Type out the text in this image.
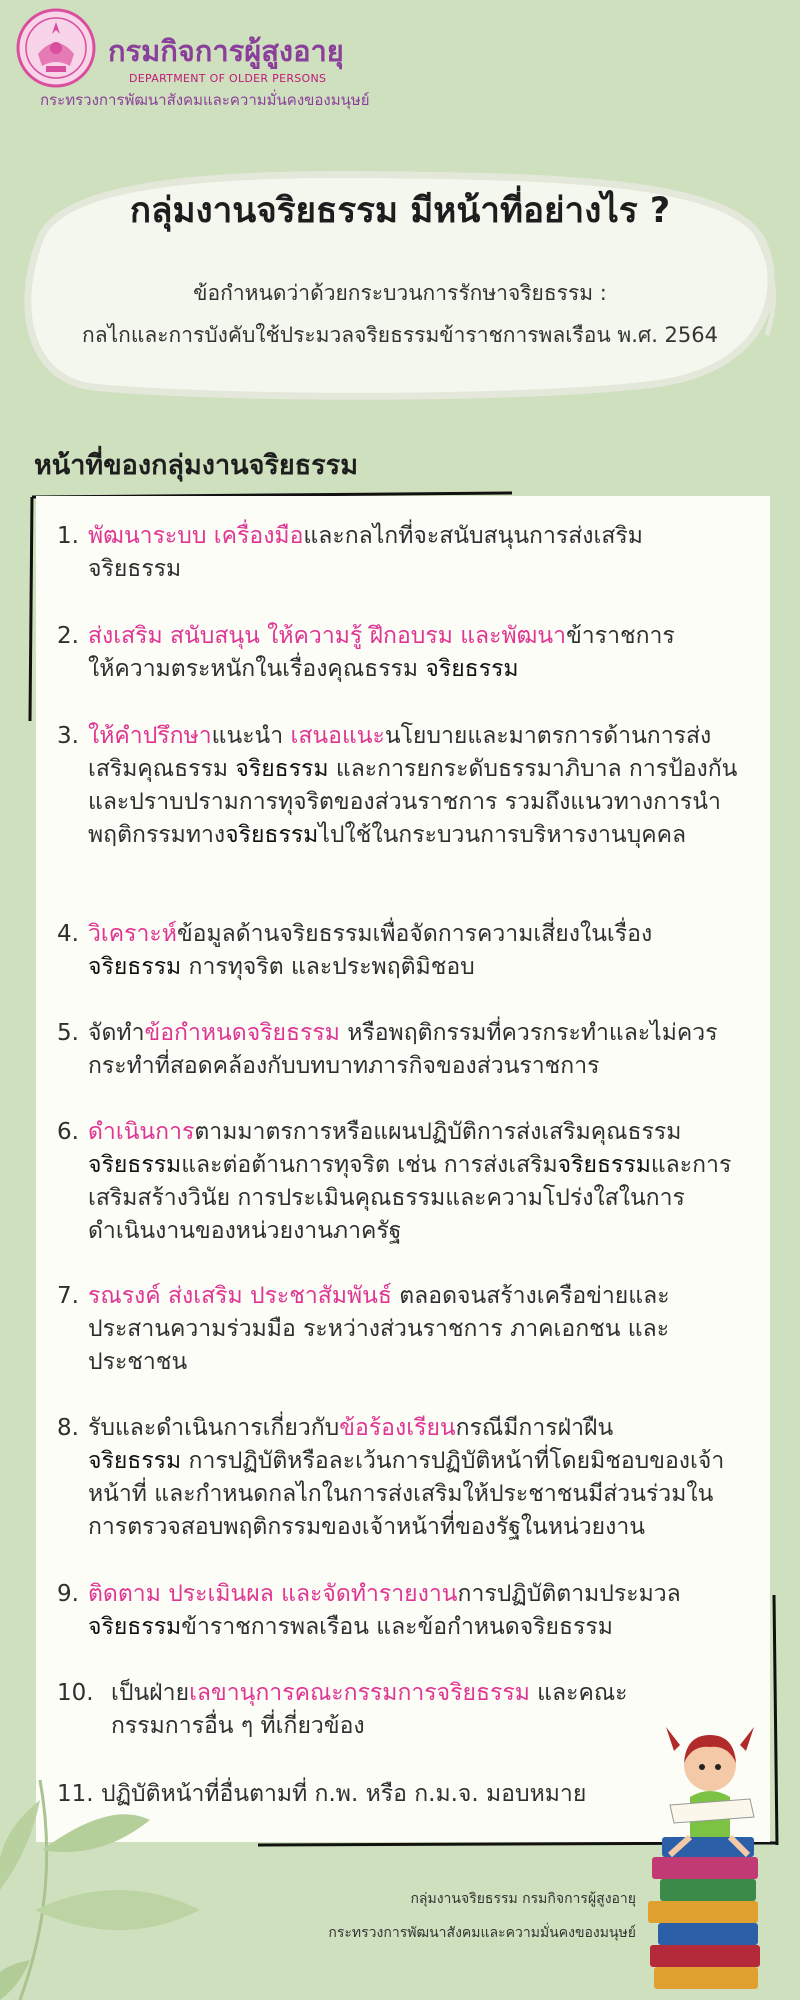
กรมกิจการผู้สูงอายุ
DEPARTMENT OF OLDER PERSONS
กระทรวงการพัฒนาสังคมและความมั่นคงของมนุษย์
กลุ่มงานจริยธรรม มีหน้าที่อย่างไร ?
ข้อกำหนดว่าด้วยกระบวนการรักษาจริยธรรม :
กลไกและการบังคับใช้ประมวลจริยธรรมข้าราชการพลเรือน พ.ศ. 2564
หน้าที่ของกลุ่มงานจริยธรรม
1. พัฒนาระบบ เครื่องมือและกลไกที่จะสนับสนุนการส่งเสริม
จริยธรรม
2. ส่งเสริม สนับสนุน ให้ความรู้ ฝึกอบรม และพัฒนาข้าราชการ
ให้ความตระหนักในเรื่องคุณธรรม จริยธรรม
3. ให้คำปรึกษาแนะนำ เสนอแนะนโยบายและมาตรการด้านการส่งเสริมคุณธรรม จริยธรรม และการยกระดับธรรมาภิบาล การป้องกันและปราบปรามการทุจริตของส่วนราชการ รวมถึงแนวทางการนำพฤติกรรมทางจริยธรรมไปใช้ในกระบวนการบริหารงานบุคคล
4. วิเคราะห์ข้อมูลด้านจริยธรรมเพื่อจัดการความเสี่ยงในเรื่อง
จริยธรรม การทุจริต และประพฤติมิชอบ
5. จัดทำข้อกำหนดจริยธรรม หรือพฤติกรรมที่ควรกระทำและไม่ควรกระทำที่สอดคล้องกับบทบาทภารกิจของส่วนราชการ
6. ดำเนินการตามมาตรการหรือแผนปฏิบัติการส่งเสริมคุณธรรม จริยธรรมและต่อต้านการทุจริต เช่น การส่งเสริมจริยธรรมและการเสริมสร้างวินัย การประเมินคุณธรรมและความโปร่งใสในการดำเนินงานของหน่วยงานภาครัฐ
7. รณรงค์ ส่งเสริม ประชาสัมพันธ์ ตลอดจนสร้างเครือข่ายและประสานความร่วมมือ ระหว่างส่วนราชการ ภาคเอกชน และประชาชน
8. รับและดำเนินการเกี่ยวกับข้อร้องเรียนกรณีมีการฝ่าฝืน
จริยธรรม การปฏิบัติหรือละเว้นการปฏิบัติหน้าที่โดยมิชอบของเจ้าหน้าที่ และกำหนดกลไกในการส่งเสริมให้ประชาชนมีส่วนร่วมในการตรวจสอบพฤติกรรมของเจ้าหน้าที่ของรัฐในหน่วยงาน
9. ติดตาม ประเมินผล และจัดทำรายงานการปฏิบัติตามประมวล
จริยธรรมข้าราชการพลเรือน และข้อกำหนดจริยธรรม
10. เป็นฝ่ายเลขานุการคณะกรรมการจริยธรรม และคณะกรรมการอื่น ๆ ที่เกี่ยวข้อง
11. ปฏิบัติหน้าที่อื่นตามที่ ก.พ. หรือ ก.ม.จ. มอบหมาย
กลุ่มงานจริยธรรม กรมกิจการผู้สูงอายุ
กระทรวงการพัฒนาสังคมและความมั่นคงของมนุษย์
